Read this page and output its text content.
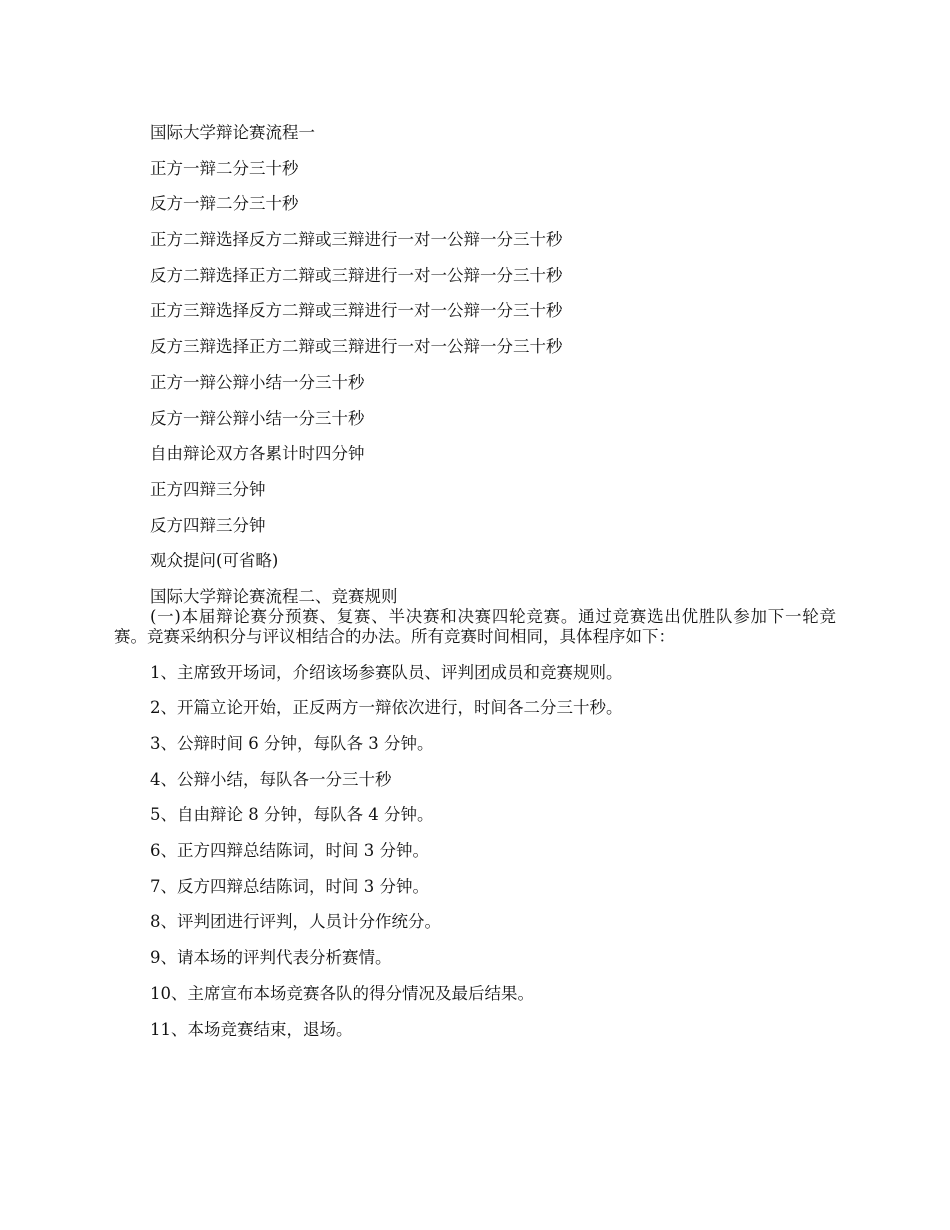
国际大学辩论赛流程一

正方一辩二分三十秒

反方一辩二分三十秒

正方二辩选择反方二辩或三辩进行一对一公辩一分三十秒

反方二辩选择正方二辩或三辩进行一对一公辩一分三十秒

正方三辩选择反方二辩或三辩进行一对一公辩一分三十秒

反方三辩选择正方二辩或三辩进行一对一公辩一分三十秒

正方一辩公辩小结一分三十秒

反方一辩公辩小结一分三十秒

自由辩论双方各累计时四分钟

正方四辩三分钟

反方四辩三分钟

观众提问(可省略)

国际大学辩论赛流程二、竞赛规则

(一)本届辩论赛分预赛、复赛、半决赛和决赛四轮竞赛。通过竞赛选出优胜队参加下一轮竞赛。竞赛采纳积分与评议相结合的办法。所有竞赛时间相同，具体程序如下：

1、主席致开场词，介绍该场参赛队员、评判团成员和竞赛规则。

2、开篇立论开始，正反两方一辩依次进行，时间各二分三十秒。

3、公辩时间 6 分钟，每队各 3 分钟。

4、公辩小结，每队各一分三十秒

5、自由辩论 8 分钟，每队各 4 分钟。

6、正方四辩总结陈词，时间 3 分钟。

7、反方四辩总结陈词，时间 3 分钟。

8、评判团进行评判，人员计分作统分。

9、请本场的评判代表分析赛情。

10、主席宣布本场竞赛各队的得分情况及最后结果。

11、本场竞赛结束，退场。
